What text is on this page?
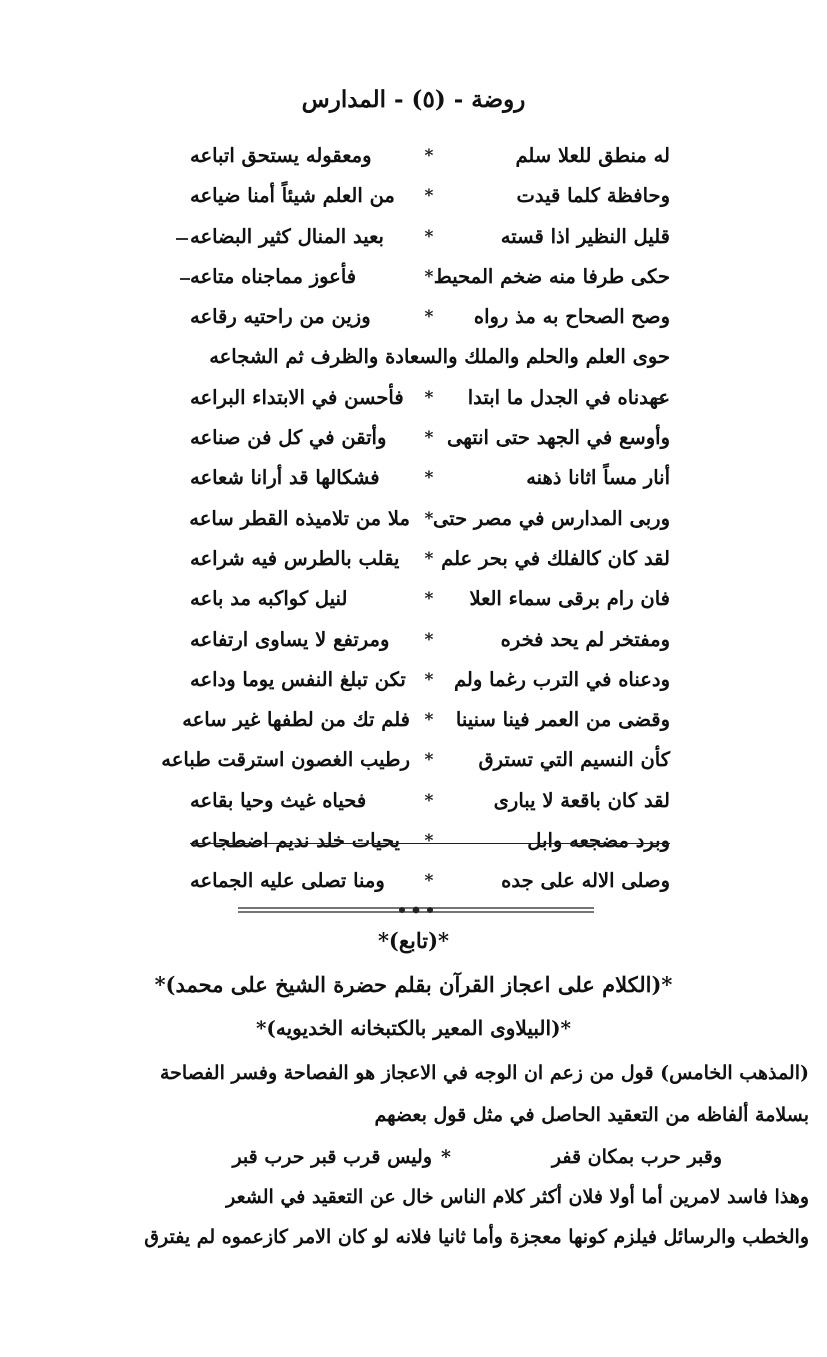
روضة - (٥) - المدارس
له منطق للعلا سلم
*
ومعقوله يستحق اتباعه
وحافظة كلما قيدت
*
من العلم شيئاً أمنا ضياعه
قليل النظير اذا قسته
*
بعيد المنال كثير البضاعه
حكى طرفا منه ضخم المحيط
*
فأعوز مماجناه متاعه
وصح الصحاح به مذ رواه
*
وزين من راحتيه رقاعه
حوى العلم والحلم والملك والسعادة والظرف ثم الشجاعه
عهدناه في الجدل ما ابتدا
*
فأحسن في الابتداء البراعه
وأوسع في الجهد حتى انتهى
*
وأتقن في كل فن صناعه
أنار مساً اثانا ذهنه
*
فشكالها قد أرانا شعاعه
وربى المدارس في مصر حتى
*
ملا من تلاميذه القطر ساعه
لقد كان كالفلك في بحر علم
*
يقلب بالطرس فيه شراعه
فان رام برقى سماء العلا
*
لنيل كواكبه مد باعه
ومفتخر لم يحد فخره
*
ومرتفع لا يساوى ارتفاعه
ودعناه في الترب رغما ولم
*
تكن تبلغ النفس يوما وداعه
وقضى من العمر فينا سنينا
*
فلم تك من لطفها غير ساعه
كأن النسيم التي تسترق
*
رطيب الغصون استرقت طباعه
لقد كان باقعة لا يبارى
*
فحياه غيث وحيا بقاعه
وبرد مضجعه وابل
*
يحيات خلد نديم اضطجاعه
وصلى الاله على جده
*
ومنا تصلى عليه الجماعه
*(تابع)*
*(الكلام على اعجاز القرآن بقلم حضرة الشيخ على محمد)*
*(البيلاوى المعير بالكتبخانه الخديويه)*
(المذهب الخامس) قول من زعم ان الوجه في الاعجاز هو الفصاحة وفسر الفصاحة
بسلامة ألفاظه من التعقيد الحاصل في مثل قول بعضهم
وقبر حرب بمكان قفر
*
وليس قرب قبر حرب قبر
وهذا فاسد لامرين أما أولا فلان أكثر كلام الناس خال عن التعقيد في الشعر
والخطب والرسائل فيلزم كونها معجزة وأما ثانيا فلانه لو كان الامر كازعموه لم يفترق
